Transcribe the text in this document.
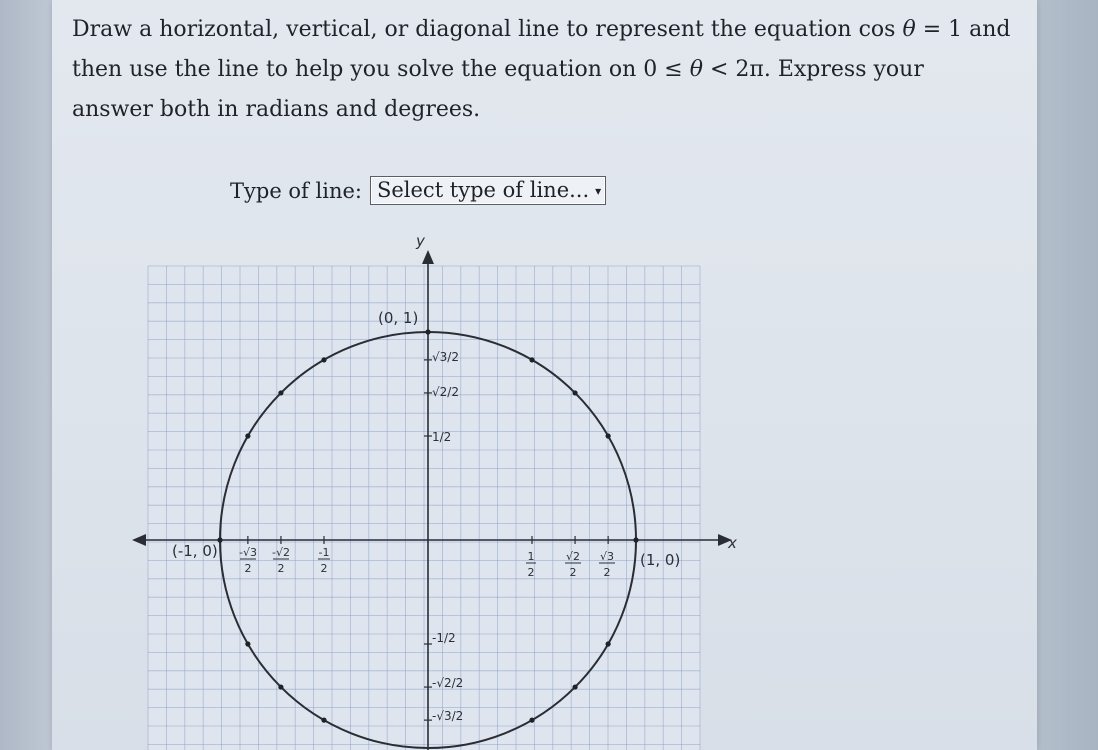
Draw a horizontal, vertical, or diagonal line to represent the equation cos θ = 1 and
then use the line to help you solve the equation on 0 ≤ θ < 2π. Express your
answer both in radians and degrees.
Type of line: Select type of line... ▾
y
x
(0, 1)
(-1, 0)	(1, 0)
√3/2
√2/2
1/2
-1/2
-√2/2
-√3/2
-√3
2
-√2
2
-1
2
1
2
√2
2
√3
2
